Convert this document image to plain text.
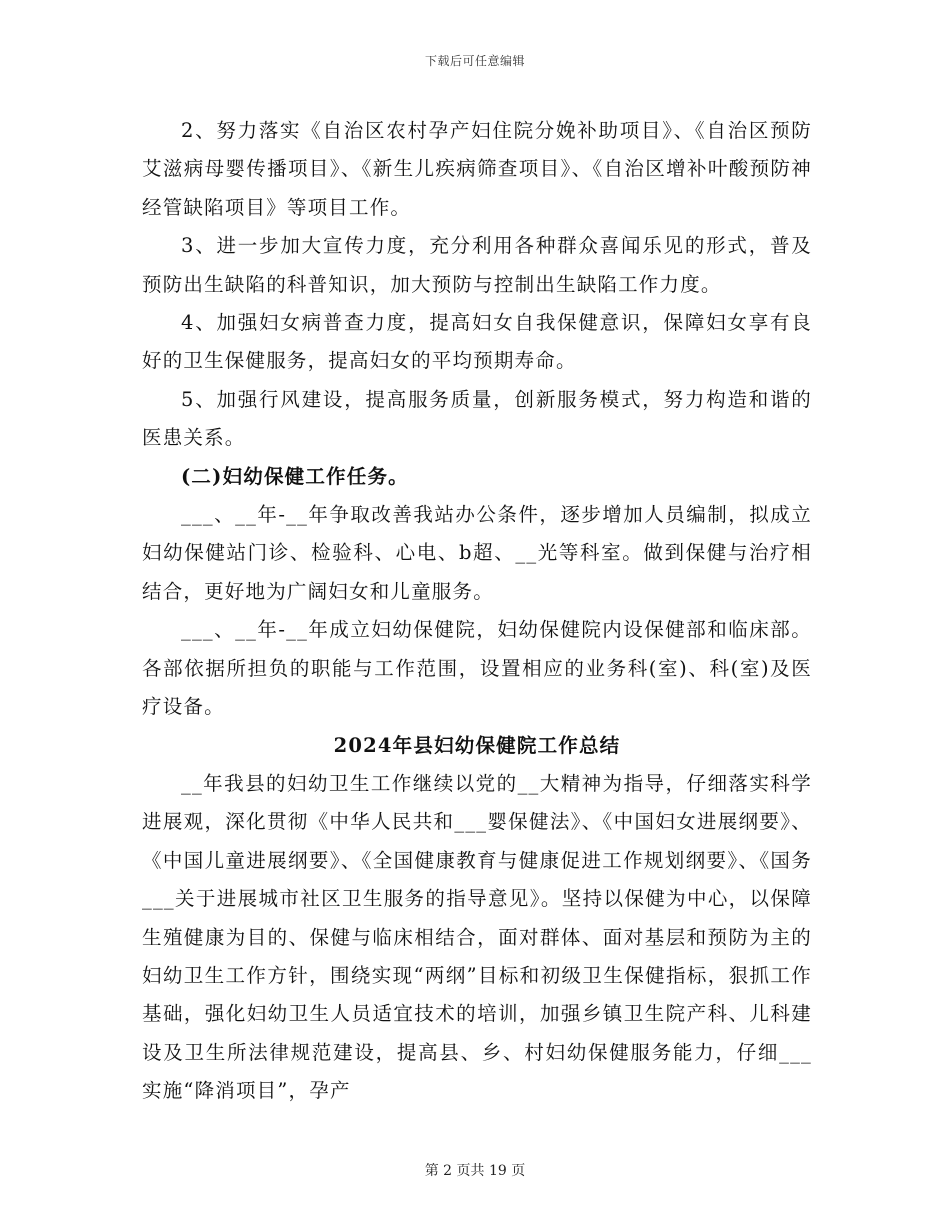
下载后可任意编辑

2、努力落实《自治区农村孕产妇住院分娩补助项目》、《自治区预防艾滋病母婴传播项目》、《新生儿疾病筛查项目》、《自治区增补叶酸预防神经管缺陷项目》等项目工作。

3、进一步加大宣传力度，充分利用各种群众喜闻乐见的形式，普及预防出生缺陷的科普知识，加大预防与控制出生缺陷工作力度。

4、加强妇女病普查力度，提高妇女自我保健意识，保障妇女享有良好的卫生保健服务，提高妇女的平均预期寿命。

5、加强行风建设，提高服务质量，创新服务模式，努力构造和谐的医患关系。

(二)妇幼保健工作任务。

___、__年-__年争取改善我站办公条件，逐步增加人员编制，拟成立妇幼保健站门诊、检验科、心电、b超、__光等科室。做到保健与治疗相结合，更好地为广阔妇女和儿童服务。

___、__年-__年成立妇幼保健院，妇幼保健院内设保健部和临床部。各部依据所担负的职能与工作范围，设置相应的业务科(室)、科(室)及医疗设备。

2024年县妇幼保健院工作总结

__年我县的妇幼卫生工作继续以党的__大精神为指导，仔细落实科学进展观，深化贯彻《中华人民共和___婴保健法》、《中国妇女进展纲要》、《中国儿童进展纲要》、《全国健康教育与健康促进工作规划纲要》、《国务___关于进展城市社区卫生服务的指导意见》。坚持以保健为中心，以保障生殖健康为目的、保健与临床相结合，面对群体、面对基层和预防为主的妇幼卫生工作方针，围绕实现“两纲”目标和初级卫生保健指标，狠抓工作基础，强化妇幼卫生人员适宜技术的培训，加强乡镇卫生院产科、儿科建设及卫生所法律规范建设，提高县、乡、村妇幼保健服务能力，仔细___实施“降消项目”，孕产

第 2 页共 19 页
